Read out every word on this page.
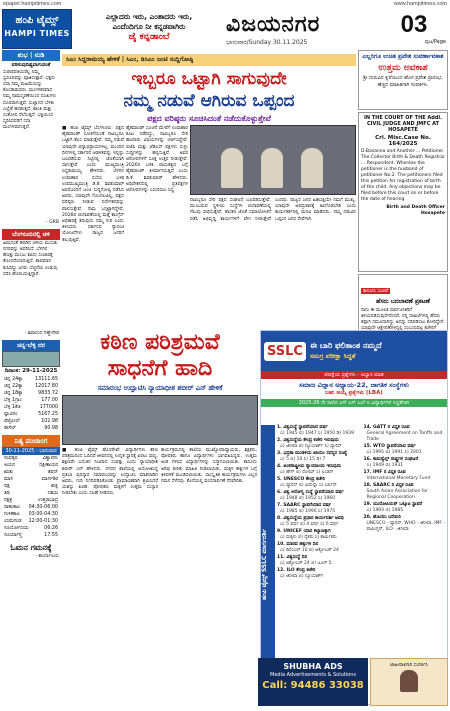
epaper.hampitimes.com	www.hampitimes.com
ಹಂಪಿ ಟೈಮ್ಸ್
HAMPI TIMES
ಎಲ್ಲಾದರು ಇರು, ಎಂತಾದರು ಇರು,
ಎಂದೆಂದಿಗೂ ನೀ ಕನ್ನಡವಾಗಿರು
ಜೈ ಕನ್ನಡಾಂಬೆ	ವಿಜಯನಗರ
ಭಾನುವಾರ/Sunday 30.11.2025
03
ಪುಟ/Page
ಶುಭ | ನುಡಿ
ಪಠಿಸುವುದಿಷ್ಟವಾಗುವಂತೆ
ಸುರಾಧಿಪತಿಯರೆಲ್ಲ ನಿಮ್ಮ ಸ್ವರೂಪವನ್ನು ಪೂಜಿಸುತ್ತಾರೆ. ಭಕ್ತರು ಸದಾ ನಿಮ್ಮ ಮಹಿಮೆಯನ್ನು ಕೊಂಡಾಡುವರು. ಮಂಗಳಕರವಾದ ನಿಮ್ಮ ನಾಮಸ್ಮರಣೆಯಿಂದ ದುಃಖಗಳು ದೂರವಾಗುತ್ತವೆ. ಸುಜ್ಞಾನದ ಬೆಳಕು ಎಲ್ಲೆಡೆ ಹರಡುತ್ತದೆ. ಶಾಂತಿ ಮತ್ತು ಸಂತೋಷ ನೆಲೆಸುತ್ತದೆ. ಭಕ್ತಿಯಿಂದ ಸ್ಮರಿಸಿದವರಿಗೆ ಸದಾ ಮಂಗಳವಾಗುತ್ತದೆ.
- GRB
ಬೆಂಗಳೂರಿನಲ್ಲಿ ಚಳಿ
ಹಿಮದಂತೆ ಹರಡಿದ ಚಳಿಯ ಮುಸುಕು ನಗರವನ್ನು ಆವರಿಸಿದೆ. ಬೆಳಗಿನ ಹೊತ್ತು ಮಂಜು ಕವಿದು ಸಂಚಾರಕ್ಕೆ ತೊಂದರೆಯಾಗುತ್ತಿದೆ. ತಾಪಮಾನ ಕುಸಿದಿದ್ದು ಜನರು ಬೆಚ್ಚನೆಯ ಉಡುಪು ಧರಿಸಿ ಹೊರಬರುತ್ತಿದ್ದಾರೆ.
- ಶಿವಾನಂದ ಗಿಣ್ಣೇಗೌಡ
ಚಿನ್ನ-ಬೆಳ್ಳಿ ದರ
ದಿನಾಂಕ: 29-11-2025
ಚಿನ್ನ 24ಕ್ಯಾ	13111.65
ಚಿನ್ನ 22ಕ್ಯಾ	12017.80
ಚಿನ್ನ 18ಕ್ಯಾ	9833.72
ಬೆಳ್ಳಿ 1ಗ್ರಾಂ	177.00
ಬೆಳ್ಳಿ 1ಕೆಜಿ	177000
ಪ್ಲಾಟಿನಂ	5167.25
ಪೆಟ್ರೋಲ್	102.98
ಡೀಸೆಲ್	90.98
ನಿತ್ಯ ಪಂಚಾಂಗ
30-11-2025 - ಭಾನುವಾರ
ಸಂವತ್ಸರ	ವಿಶ್ವಾವಸು
ಅಯನ	ದಕ್ಷಿಣಾಯನ
ಋತು	ಶರದ್
ಮಾಸ	ಮಾರ್ಗಶಿರ
ಪಕ್ಷ	ಶುಕ್ಲ
ತಿಥಿ	ದಶಮಿ
ನಕ್ಷತ್ರ	ಉತ್ತರಾಭಾದ್ರ
ರಾಹುಕಾಲ 04:30-06:00
ಗುಳಿಕಕಾಲ 03:00-04:30
ಯಮಗಂಡ 12:00-01:30
ಸೂರ್ಯೋದಯ	06:26
ಸೂರ್ಯಾಸ್ತ	17:55
ಓಮನ ಗಮನಕ್ಕೆ
- ಕಾರ್ಯಾಲಯ
ಸಿಎಂ ಸಿದ್ದರಾಮಯ್ಯ ಹೇಳಿಕೆ | ಸಿಎಂ, ಡಿಸಿಎಂ ಜಂಟಿ ಸುದ್ದಿಗೋಷ್ಠಿ
ಇಬ್ಬರೂ ಒಟ್ಟಾಗಿ ಸಾಗುವುದೇ
ನಮ್ಮ ನಡುವೆ ಆಗಿರುವ ಒಪ್ಪಂದ
ಪಕ್ಷದ ವರಿಷ್ಠರು ಸೂಚಿಸಿದಂತೆ ನಡೆದುಕೊಳ್ಳುತ್ತೇವೆ
■ ಹಂಪಿ ಟೈಮ್ಸ್ ಬೆಂಗಳೂರು: ಪಕ್ಷದ ಹೈಕಮಾಂಡ್ ಸೂಚನೆಯಂತೆ ನಾವಿಬ್ಬರೂ ಒಟ್ಟಾಗಿ ಕೆಲಸ ಮಾಡುತ್ತೇವೆ. ನಮ್ಮ ನಡುವೆ ಯಾವುದೇ ಭಿನ್ನಾಭಿಪ್ರಾಯಗಳಿಲ್ಲ. ಮುಂದಿನ ದಿನಗಳಲ್ಲಿ ಸರ್ಕಾರದ ಆಡಳಿತವನ್ನು ಇನ್ನಷ್ಟು ಬಲಪಡಿಸುವ ನಿಟ್ಟಿನಲ್ಲಿ ಜೊತೆಯಾಗಿ ಸಾಗುತ್ತೇವೆ ಎಂದು ಮುಖ್ಯಮಂತ್ರಿ ಸಿದ್ದರಾಮಯ್ಯ ಹೇಳಿದರು. ಬೆಳಗಿನ ಉಪಾಹಾರ ಸಭೆಯ ಬಳಿಕ ಉಪಮುಖ್ಯಮಂತ್ರಿ ಡಿ.ಕೆ. ಶಿವಕುಮಾರ್ ಅವರೊಂದಿಗೆ ಜಂಟಿ ಸುದ್ದಿಗೋಷ್ಠಿ ನಡೆಸಿದ ಅವರು, ಯಾವುದೇ ಗೊಂದಲವಿಲ್ಲ, ಪಕ್ಷದ ವರಿಷ್ಠರು ನೀಡುವ ನಿರ್ದೇಶನವನ್ನು ಪಾಲಿಸುತ್ತೇವೆ. ನಾವು ಒಗ್ಗಟ್ಟಾಗಿದ್ದೇವೆ, 2028ರ ಚುನಾವಣೆಯಲ್ಲಿ ಮತ್ತೆ ಕಾಂಗ್ರೆಸ್ ಅಧಿಕಾರಕ್ಕೆ ತರುವುದು ನಮ್ಮ ಗುರಿ ಎಂದು ತಿಳಿಸಿದರು. ಸರ್ಕಾರದ ಗ್ಯಾರಂಟಿ ಯೋಜನೆಗಳು ರಾಜ್ಯದ ಜನರಿಗೆ ತಲುಪುತ್ತಿವೆ.
ಹೈಕಮಾಂಡ್ ಸೂಚನೆ ಮೇರೆಗೆ ಉಪಾಹಾರ ಕೂಟ ನಡೆದಿದ್ದು, ನಾವಿಬ್ಬರೂ ಸೇರಿ ಹಲವಾರು ವಿಷಯಗಳನ್ನು ಚರ್ಚಿಸಿದ್ದೇವೆ. ಬಿಜೆಪಿ ಮತ್ತು ಜೆಡಿಎಸ್ ಪಕ್ಷಗಳು ಸುಳ್ಳು ಸುದ್ದಿಗಳನ್ನು ಹಬ್ಬಿಸುತ್ತಿವೆ. ಅವರ ಆರೋಪಗಳಿಗೆ ಸೂಕ್ತ ಉತ್ತರ ನೀಡುತ್ತೇವೆ. 2026ರ ಬಳಿಕ ನಾಯಕತ್ವದ ಬಗ್ಗೆ ಹೈಕಮಾಂಡ್ ತೀರ್ಮಾನಿಸುತ್ತದೆ ಎಂದು ಡಿ.ಕೆ. ಶಿವಕುಮಾರ್ ಹೇಳಿದರು. ಅಧಿವೇಶನದಲ್ಲಿ ಪ್ರತಿಪಕ್ಷಗಳ ಆರೋಪಗಳನ್ನು ಎದುರಿಸಲು ಸಿದ್ಧ.
ನಾವಿಬ್ಬರೂ ಸೇರಿ ಪಕ್ಷದ ಸಂಘಟನೆ ಬಲಪಡಿಸುತ್ತೇವೆ. ಮುಂಬರುವ ಸ್ಥಳೀಯ ಸಂಸ್ಥೆಗಳ ಚುನಾವಣೆಯಲ್ಲಿ ಗೆಲುವು ಸಾಧಿಸುತ್ತೇವೆ. ಶಾಸಕರ ಜೊತೆ ಸಮಾಲೋಚನೆ ನಡೆಸಿ ಅಭಿವೃದ್ಧಿ ಕಾರ್ಯಗಳಿಗೆ ವೇಗ ನೀಡುತ್ತೇವೆ ಎಂದರು. ರಾಜ್ಯದ ಜನರ ಹಿತಾಸಕ್ತಿಯೇ ನಮಗೆ ಮುಖ್ಯ. ಯಾವುದೇ ಅಪಪ್ರಚಾರಕ್ಕೆ ಕಿವಿಗೊಡಬೇಡಿ ಎಂದು ಕಾರ್ಯಕರ್ತರಲ್ಲಿ ಮನವಿ ಮಾಡಿದರು. ನಮ್ಮ ನಡುವಿನ ಒಪ್ಪಂದ ಜನರ ಸೇವೆಗಾಗಿ.
ಎಲ್ಲರಿಗೂ ಉಚಿತ ಪ್ರವೇಶ ಸುವರ್ಣಾವಕಾಶ
ಉತ್ತಮ ಅವಕಾಶ
ಶ್ರೀ ಗುರುವಿನ ಕೃಪೆಯಿಂದ ಹೊಸ ಪ್ರವೇಶ ಪ್ರಾರಂಭ. ಹೆಚ್ಚಿನ ಮಾಹಿತಿಗಾಗಿ ಸಂಪರ್ಕಿಸಿ.
IN THE COURT OF THE Addl. CIVIL JUDGE AND JMFC AT HOSAPETE
Crl. Misc.Case No. 164/2025
D.Basanna and Another ... Petitioner. The Collector Birth & Death Registrar ... Respondent. Whereas the petitioner is the husband of petitioner No.2. The petitioners filed this petition for registration of birth of the child. Any objections may be filed before this court on or before the date of hearing.
Birth and Death Officer Hosapete
ಕಾನೂನು ಸೂಚನೆ
ಹೆಸರು ಬದಲಾವಣೆ ಪ್ರಕಟಣೆ
ನಾನು ಈ ಮೂಲಕ ಸಾರ್ವಜನಿಕರಿಗೆ ತಿಳಿಯಪಡಿಸುವುದೇನೆಂದರೆ, ನನ್ನ ದಾಖಲೆಗಳಲ್ಲಿ ಹೆಸರು ತಪ್ಪಾಗಿ ನಮೂದಾಗಿದ್ದು ಅದನ್ನು ಸರಿಪಡಿಸಲು ಕೋರಿದ್ದೇನೆ. ಯಾವುದೇ ಆಕ್ಷೇಪಣೆಗಳಿದ್ದಲ್ಲಿ ಸಂಬಂಧಪಟ್ಟ ಕಚೇರಿಗೆ
ಕಠಿಣ ಪರಿಶ್ರಮವೆ
ಸಾಧನೆಗೆ ಹಾದಿ
ಸಮಾರಂಭ ಉದ್ಘಾಟಿಸಿ ನ್ಯಾಯಾಧೀಶ ಶಬೀರ್ ಎನ್ ಹೇಳಿಕೆ
■ ಹಂಪಿ ಟೈಮ್ಸ್ ಹೊಸಪೇಟೆ: ವಿದ್ಯಾರ್ಥಿಗಳು ಕಠಿಣ ಪರಿಶ್ರಮದಿಂದ ಓದಿದರೆ ಜೀವನದಲ್ಲಿ ಉನ್ನತ ಸ್ಥಾನಕ್ಕೆ ಏರಲು ಸಾಧ್ಯ. ಶಿಕ್ಷಣವೇ ಬದುಕಿನ ನಿಜವಾದ ಸಂಪತ್ತು ಎಂದು ನ್ಯಾಯಾಧೀಶ ಶಬೀರ್ ಎನ್ ಹೇಳಿದರು. ನಗರದ ಶಾಲೆಯಲ್ಲಿ ಆಯೋಜಿಸಿದ್ದ ಪ್ರತಿಭಾ ಪುರಸ್ಕಾರ ಸಮಾರಂಭವನ್ನು ಉದ್ಘಾಟಿಸಿ ಮಾತನಾಡಿದ ಅವರು, ಗುರಿ ನಿಗದಿಪಡಿಸಿಕೊಂಡು ಪ್ರಾಮಾಣಿಕವಾಗಿ ಶ್ರಮಿಸಿದರೆ ಯಶಸ್ಸು ಖಚಿತ. ಪೋಷಕರು ಮಕ್ಕಳಿಗೆ ಉತ್ತಮ ಸಂಸ್ಕಾರ ನೀಡಬೇಕು ಎಂದು ಸಲಹೆ ನೀಡಿದರು.
ಕಾರ್ಯಕ್ರಮದಲ್ಲಿ ಶಾಲೆಯ ಮುಖ್ಯೋಪಾಧ್ಯಾಯರು, ಶಿಕ್ಷಕರು, ಪೋಷಕರು ಹಾಗೂ ವಿದ್ಯಾರ್ಥಿಗಳು ಭಾಗವಹಿಸಿದ್ದರು. ಉತ್ತಮ ಅಂಕ ಗಳಿಸಿದ ವಿದ್ಯಾರ್ಥಿಗಳನ್ನು ಸನ್ಮಾನಿಸಲಾಯಿತು. ಕಾನೂನು ಅರಿವು ಕುರಿತು ಮಾಹಿತಿ ನೀಡಲಾಯಿತು. ಮಕ್ಕಳ ಹಕ್ಕುಗಳ ಬಗ್ಗೆ ತಿಳಿವಳಿಕೆ ಮೂಡಿಸಲಾಯಿತು. ಸಾಂಸ್ಕೃತಿಕ ಕಾರ್ಯಕ್ರಮಗಳು ಎಲ್ಲರ ಗಮನ ಸೆಳೆದವು. ಕೊನೆಯಲ್ಲಿ ವಂದನಾರ್ಪಣೆ ನೆರವೇರಿತು.
SSLC ಈ ಬಾರಿ ಫಲಿತಾಂಶ ನಮ್ಮದೆ
ಸಮಗ್ರ ಪರೀಕ್ಷಾ ಸಿದ್ಧತೆ
ಪರೀಕ್ಷೆಯ ಪ್ರಶ್ನೆಗಳು - ಅಭ್ಯಾಸ ಮಾಡಿ
ಸಮಾಜ ವಿಜ್ಞಾನ ಅಧ್ಯಾಯ-22, ಜಾಗತಿಕ ಸಂಸ್ಥೆಗಳು
ಬಹು ಆಯ್ಕೆ ಪ್ರಶ್ನೆಗಳು (LBA)
2025-26 ನೇ ಸಾಲಿನ ಎಸ್ ಎಸ್ ಎಲ್ ಸಿ ವಿದ್ಯಾರ್ಥಿಗಳ ಸಿದ್ಧತೆಗಾಗಿ
ಹಂಪಿ ಟೈಮ್ಸ್ SSLC ಮಾರ್ಗದರ್ಶಿ
1. ವಿಶ್ವಸಂಸ್ಥೆ ಸ್ಥಾಪನೆಯಾದ ವರ್ಷ
ಎ) 1945 ಬಿ) 1947 ಸಿ) 1950 ಡಿ) 1939
2. ವಿಶ್ವಸಂಸ್ಥೆಯ ಕೇಂದ್ರ ಕಚೇರಿ ಇರುವುದು
ಎ) ಜಿನೀವಾ ಬಿ) ನ್ಯೂಯಾರ್ಕ್ ಸಿ) ಪ್ಯಾರಿಸ್
3. ಭದ್ರತಾ ಮಂಡಳಿಯ ಖಾಯಂ ಸದಸ್ಯರ ಸಂಖ್ಯೆ
ಎ) 5 ಬಿ) 10 ಸಿ) 15 ಡಿ) 7
4. ಅಂತರಾಷ್ಟ್ರೀಯ ನ್ಯಾಯಾಲಯ ಇರುವುದು
ಎ) ಹೇಗ್ ಬಿ) ರೋಮ್ ಸಿ) ಲಂಡನ್
5. UNESCO ಕೇಂದ್ರ ಕಚೇರಿ
ಎ) ಪ್ಯಾರಿಸ್ ಬಿ) ವಿಯೆನ್ನಾ ಸಿ) ಬರ್ಲಿನ್
6. ವಿಶ್ವ ಆರೋಗ್ಯ ಸಂಸ್ಥೆ ಸ್ಥಾಪನೆಯಾದ ವರ್ಷ
ಎ) 1948 ಬಿ) 1952 ಸಿ) 1960
7. SAARC ಸ್ಥಾಪನೆಯಾದ ವರ್ಷ
ಎ) 1985 ಬಿ) 1990 ಸಿ) 1975
8. ವಿಶ್ವಸಂಸ್ಥೆಯ ಪ್ರಧಾನ ಕಾರ್ಯದರ್ಶಿ ಅವಧಿ
ಎ) 5 ವರ್ಷ ಬಿ) 4 ವರ್ಷ ಸಿ) 6 ವರ್ಷ
9. UNICEF ಯಾರ ಕಲ್ಯಾಣಕ್ಕಾಗಿ
ಎ) ಮಕ್ಕಳು ಬಿ) ರೈತರು ಸಿ) ಕಾರ್ಮಿಕರು
10. ಮಾನವ ಹಕ್ಕುಗಳ ದಿನ
ಎ) ಡಿಸೆಂಬರ್ 10 ಬಿ) ಅಕ್ಟೋಬರ್ 24
11. ವಿಶ್ವಸಂಸ್ಥೆ ದಿನ
ಎ) ಅಕ್ಟೋಬರ್ 24 ಬಿ) ಜೂನ್ 5
12. ILO ಕೇಂದ್ರ ಕಚೇರಿ
ಎ) ಜಿನೀವಾ ಬಿ) ನ್ಯೂಯಾರ್ಕ್
14. GATT ನ ವಿಸ್ತೃತ ರೂಪ
General Agreement on Tariffs and Trade
15. WTO ಸ್ಥಾಪನೆಯಾದ ವರ್ಷ
ಎ) 1995 ಬಿ) 1991 ಸಿ) 2001
16. ಕಾಮನ್ವೆಲ್ತ್ ರಾಷ್ಟ್ರಗಳ ಸಂಘಟನೆ
ಎ) 1949 ಬಿ) 1931
17. IMF ನ ವಿಸ್ತೃತ ರೂಪ
International Monetary Fund
18. SAARC ನ ವಿಸ್ತೃತ ರೂಪ
South Asian Association for Regional Cooperation
19. ಯುರೋಪಿಯನ್ ಒಕ್ಕೂಟ ಸ್ಥಾಪನೆ
ಎ) 1993 ಬಿ) 1985
20. ಹೊಂದಿಸಿ ಬರೆಯಿರಿ
UNESCO - ಪ್ಯಾರಿಸ್, WHO - ಜಿನೀವಾ, IMF - ವಾಷಿಂಗ್ಟನ್, ILO - ಜಿನೀವಾ
SHUBHA ADS
Media Advertisements & Solutions
Call: 94486 33038
ಜಾಹೀರಾತಿಗಾಗಿ ಸಂಪರ್ಕಿಸಿ
